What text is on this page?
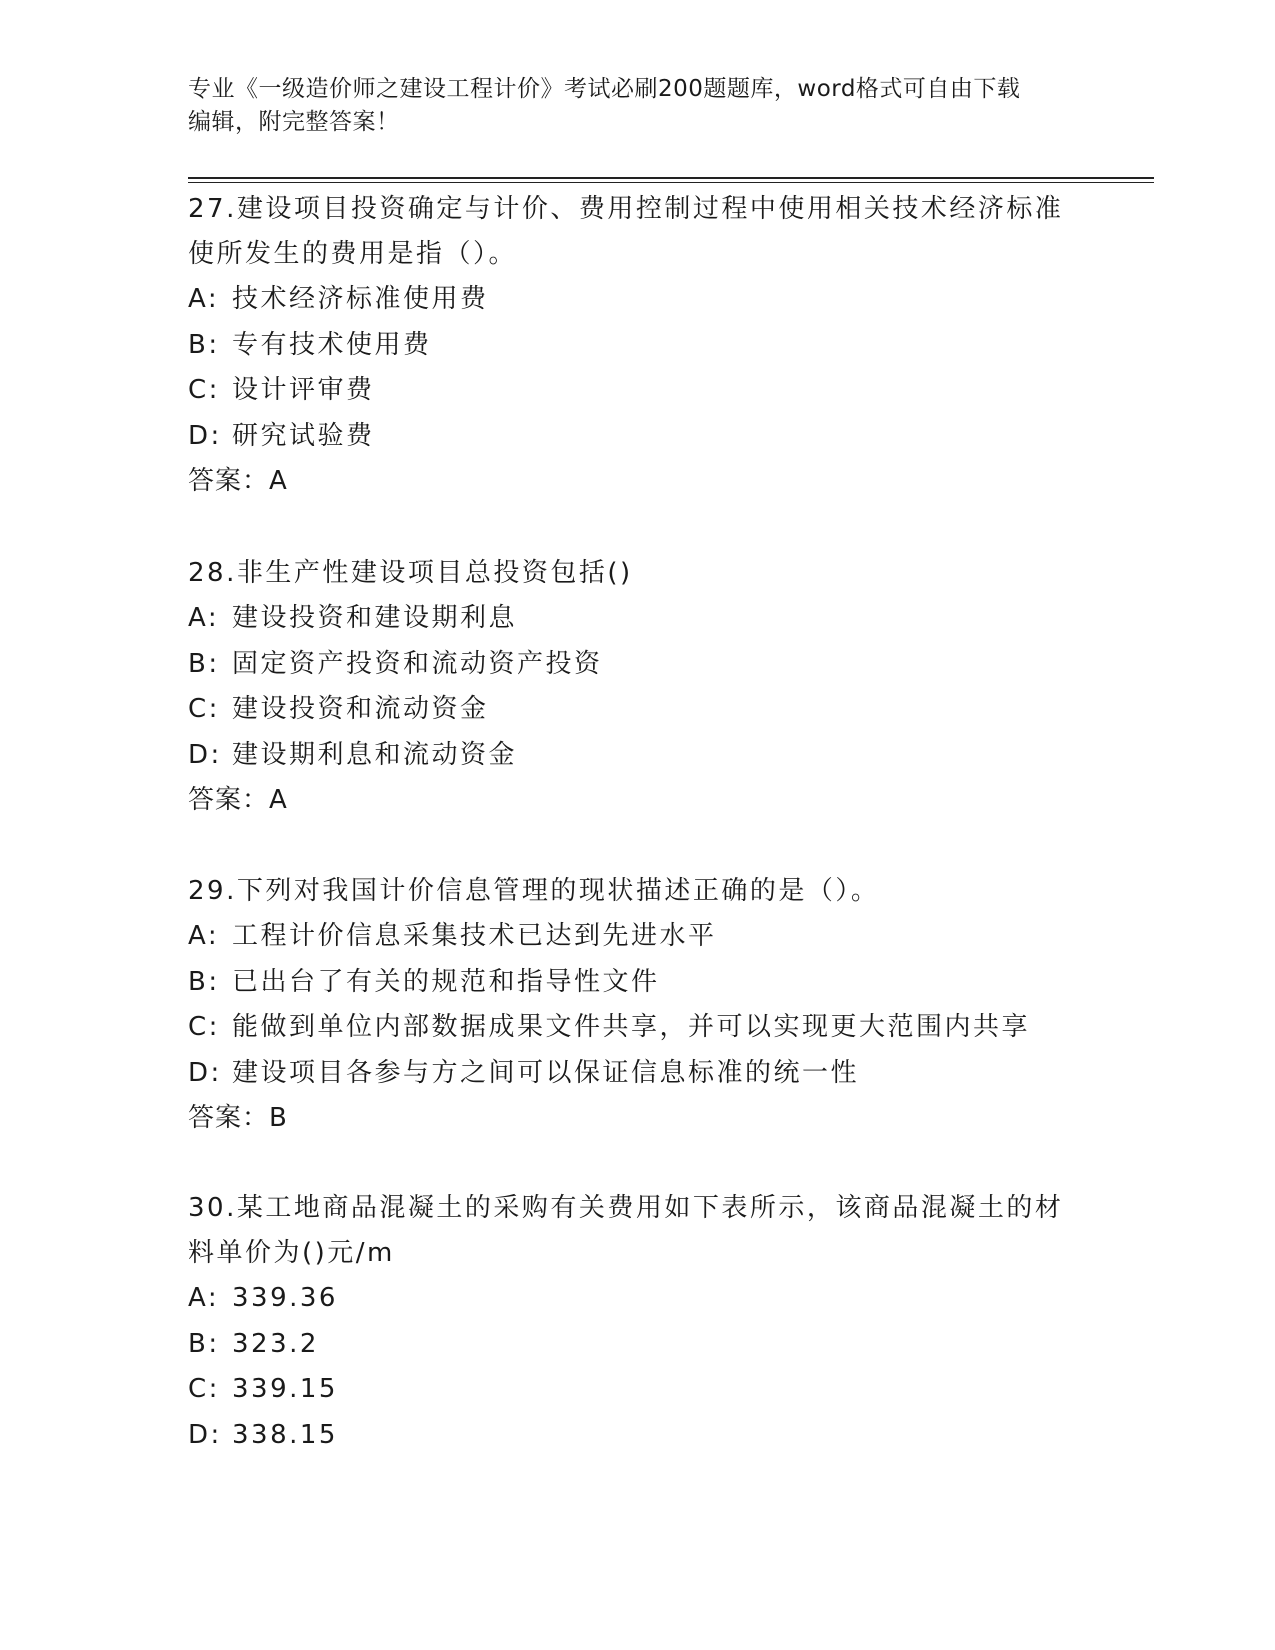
专业《一级造价师之建设工程计价》考试必刷200题题库，word格式可自由下载
编辑，附完整答案！

27.建设项目投资确定与计价、费用控制过程中使用相关技术经济标准

使所发生的费用是指（）。

A: 技术经济标准使用费

B: 专有技术使用费

C: 设计评审费

D: 研究试验费

答案：A

28.非生产性建设项目总投资包括()

A: 建设投资和建设期利息

B: 固定资产投资和流动资产投资

C: 建设投资和流动资金

D: 建设期利息和流动资金

答案：A

29.下列对我国计价信息管理的现状描述正确的是（）。

A: 工程计价信息采集技术已达到先进水平

B: 已出台了有关的规范和指导性文件

C: 能做到单位内部数据成果文件共享，并可以实现更大范围内共享

D: 建设项目各参与方之间可以保证信息标准的统一性

答案：B

30.某工地商品混凝土的采购有关费用如下表所示，该商品混凝土的材

料单价为()元/m

A: 339.36

B: 323.2

C: 339.15

D: 338.15
